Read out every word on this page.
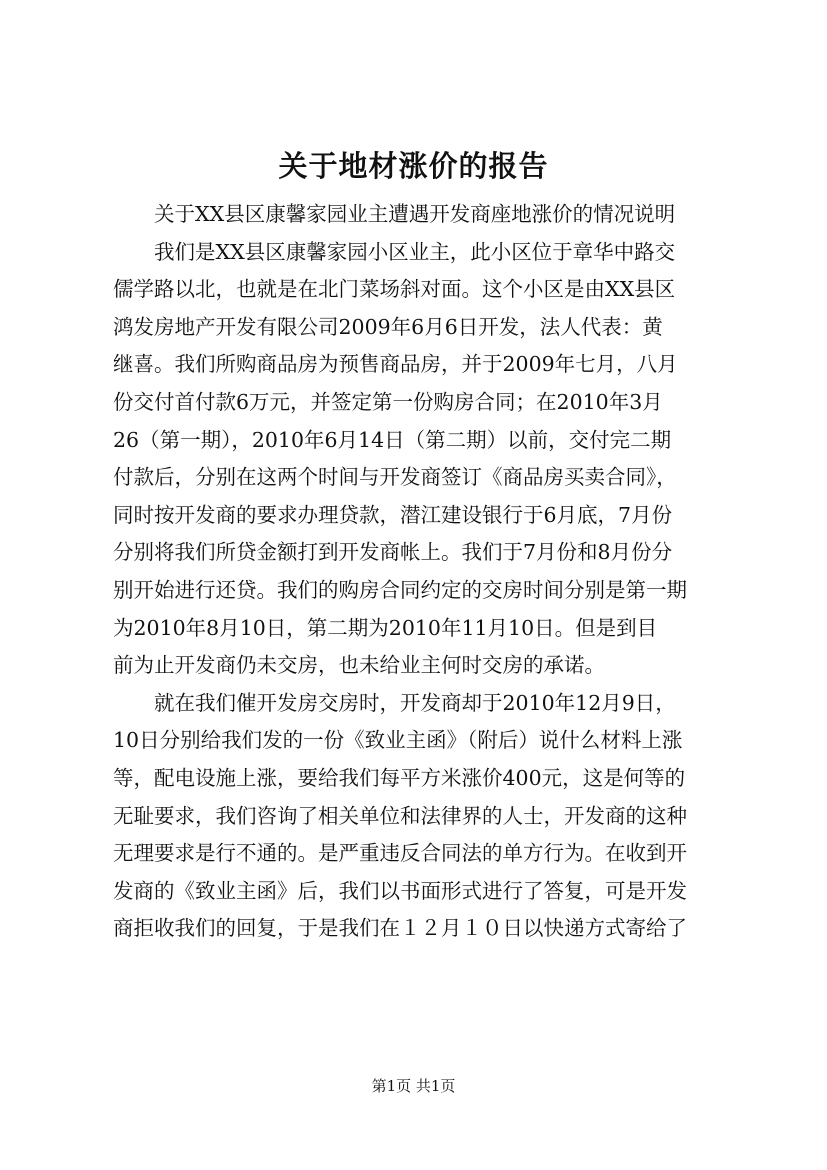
关于地材涨价的报告
关于XX县区康馨家园业主遭遇开发商座地涨价的情况说明
我们是XX县区康馨家园小区业主，此小区位于章华中路交
儒学路以北，也就是在北门菜场斜对面。这个小区是由XX县区
鸿发房地产开发有限公司2009年6月6日开发，法人代表：黄
继喜。我们所购商品房为预售商品房，并于2009年七月，八月
份交付首付款6万元，并签定第一份购房合同；在2010年3月
26（第一期），2010年6月14日（第二期）以前，交付完二期
付款后，分别在这两个时间与开发商签订《商品房买卖合同》，
同时按开发商的要求办理贷款，潜江建设银行于6月底，7月份
分别将我们所贷金额打到开发商帐上。我们于7月份和8月份分
别开始进行还贷。我们的购房合同约定的交房时间分别是第一期
为2010年8月10日，第二期为2010年11月10日。但是到目
前为止开发商仍未交房，也未给业主何时交房的承诺。
就在我们催开发房交房时，开发商却于2010年12月9日，
10日分别给我们发的一份《致业主函》（附后）说什么材料上涨
等，配电设施上涨，要给我们每平方米涨价400元，这是何等的
无耻要求，我们咨询了相关单位和法律界的人士，开发商的这种
无理要求是行不通的。是严重违反合同法的单方行为。在收到开
发商的《致业主函》后，我们以书面形式进行了答复，可是开发
商拒收我们的回复，于是我们在１２月１０日以快递方式寄给了
第1页 共1页
